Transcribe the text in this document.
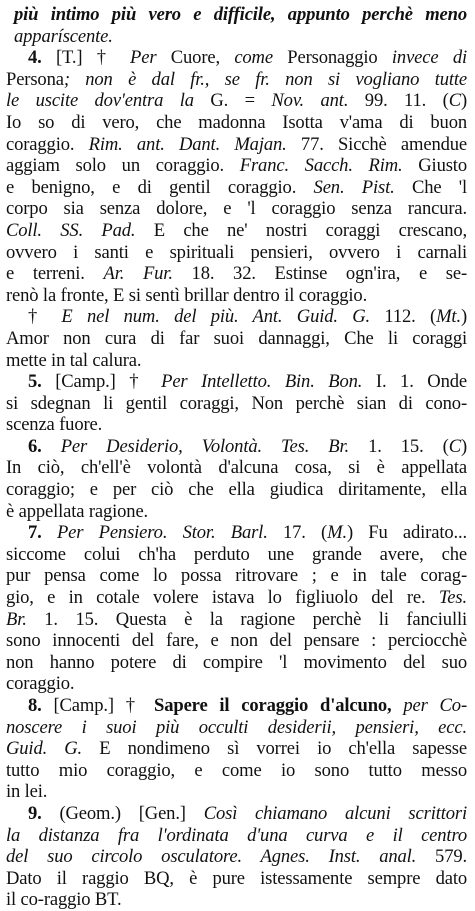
più intimo più vero e difficile, appunto perchè meno
apparíscente.
4. [T.] † Per Cuore, come Personaggio invece di
Persona; non è dal fr., se fr. non si vogliano tutte
le uscite dov'entra la G. = Nov. ant. 99. 11. (C)
Io so di vero, che madonna Isotta v'ama di buon
coraggio. Rim. ant. Dant. Majan. 77. Sicchè amendue
aggiam solo un coraggio. Franc. Sacch. Rim. Giusto
e benigno, e di gentil coraggio. Sen. Pist. Che 'l
corpo sia senza dolore, e 'l coraggio senza rancura.
Coll. SS. Pad. E che ne' nostri coraggi crescano,
ovvero i santi e spirituali pensieri, ovvero i carnali
e terreni. Ar. Fur. 18. 32. Estinse ogn'ira, e se-
renò la fronte, E si sentì brillar dentro il coraggio.
† E nel num. del più. Ant. Guid. G. 112. (Mt.)
Amor non cura di far suoi dannaggi, Che li coraggi
mette in tal calura.
5. [Camp.] † Per Intelletto. Bin. Bon. I. 1. Onde
si sdegnan li gentil coraggi, Non perchè sian di cono-
scenza fuore.
6. Per Desiderio, Volontà. Tes. Br. 1. 15. (C)
In ciò, ch'ell'è volontà d'alcuna cosa, si è appellata
coraggio; e per ciò che ella giudica diritamente, ella
è appellata ragione.
7. Per Pensiero. Stor. Barl. 17. (M.) Fu adirato...
siccome colui ch'ha perduto une grande avere, che
pur pensa come lo possa ritrovare ; e in tale corag-
gio, e in cotale volere istava lo figliuolo del re. Tes.
Br. 1. 15. Questa è la ragione perchè li fanciulli
sono innocenti del fare, e non del pensare : perciocchè
non hanno potere di compire 'l movimento del suo
coraggio.
8. [Camp.] † Sapere il coraggio d'alcuno, per Co-
noscere i suoi più occulti desiderii, pensieri, ecc.
Guid. G. E nondimeno sì vorrei io ch'ella sapesse
tutto mio coraggio, e come io sono tutto messo
in lei.
9. (Geom.) [Gen.] Così chiamano alcuni scrittori
la distanza fra l'ordinata d'una curva e il centro
del suo circolo osculatore. Agnes. Inst. anal. 579.
Dato il raggio BQ, è pure istessamente sempre dato
il co-raggio BT.
